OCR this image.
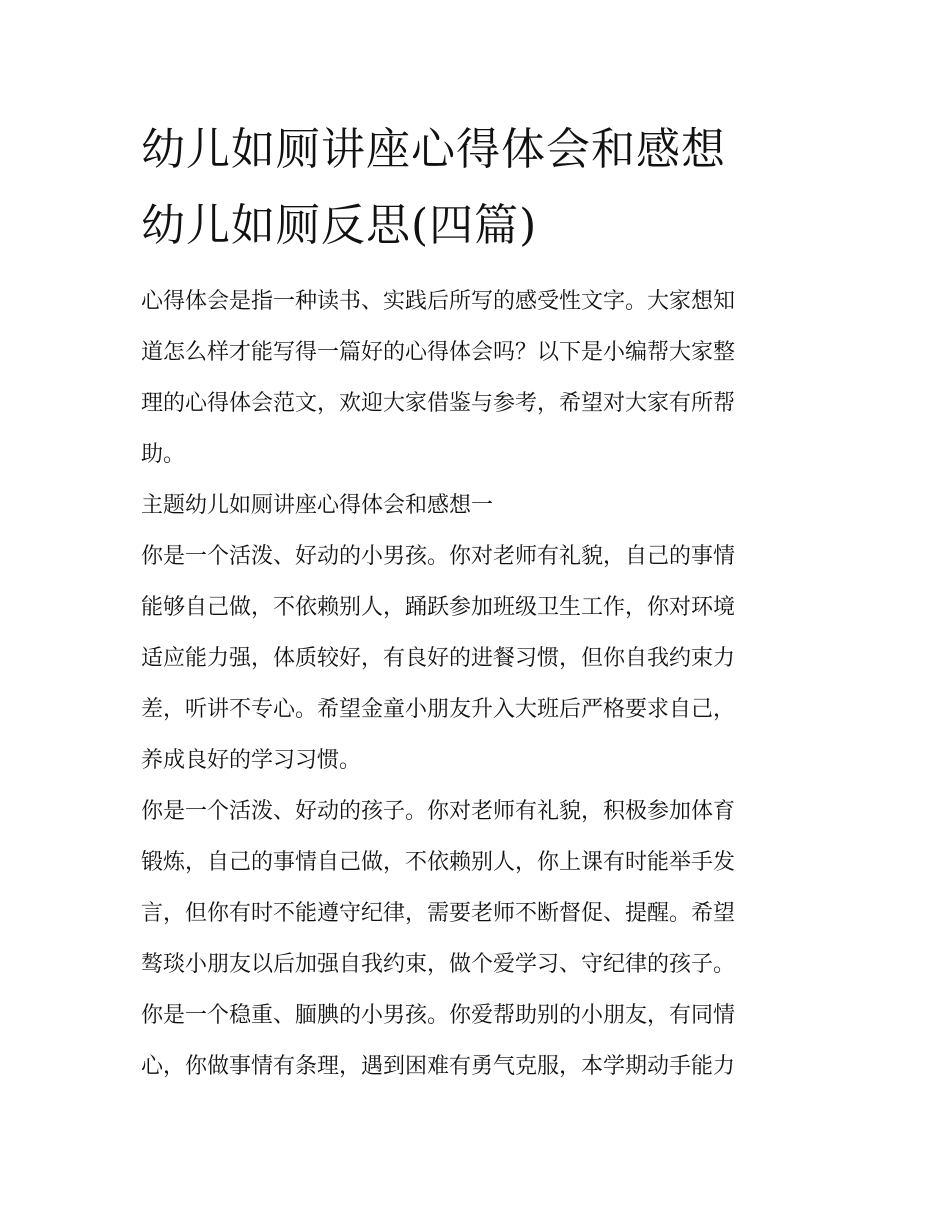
幼儿如厕讲座心得体会和感想
幼儿如厕反思(四篇)

心得体会是指一种读书、实践后所写的感受性文字。大家想知
道怎么样才能写得一篇好的心得体会吗？以下是小编帮大家整
理的心得体会范文，欢迎大家借鉴与参考，希望对大家有所帮
助。

主题幼儿如厕讲座心得体会和感想一

你是一个活泼、好动的小男孩。你对老师有礼貌，自己的事情
能够自己做，不依赖别人，踊跃参加班级卫生工作，你对环境
适应能力强，体质较好，有良好的进餐习惯，但你自我约束力
差，听讲不专心。希望金童小朋友升入大班后严格要求自己，
养成良好的学习习惯。

你是一个活泼、好动的孩子。你对老师有礼貌，积极参加体育
锻炼，自己的事情自己做，不依赖别人，你上课有时能举手发
言，但你有时不能遵守纪律，需要老师不断督促、提醒。希望
骜琰小朋友以后加强自我约束，做个爱学习、守纪律的孩子。

你是一个稳重、腼腆的小男孩。你爱帮助别的小朋友，有同情
心，你做事情有条理，遇到困难有勇气克服，本学期动手能力
